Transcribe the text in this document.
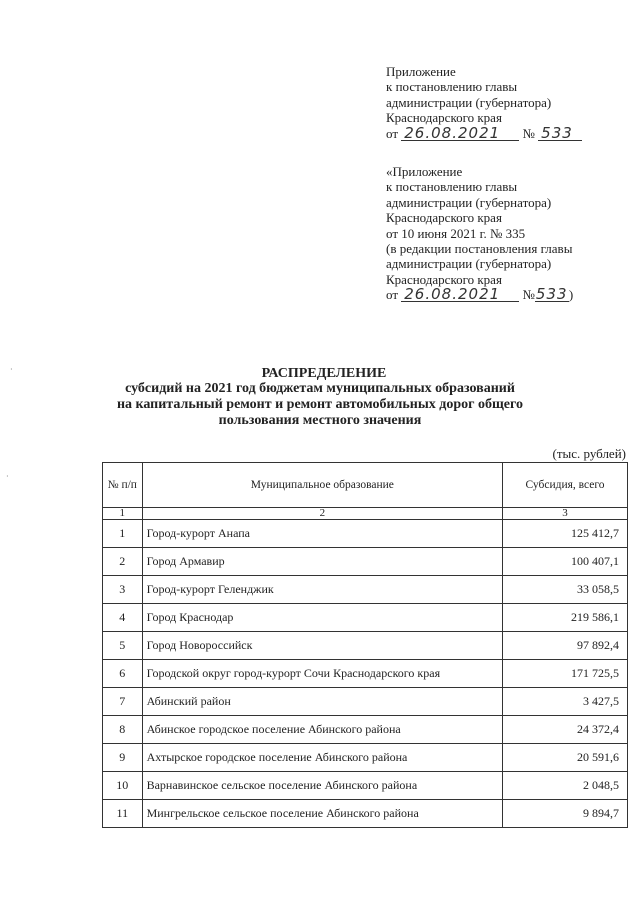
Приложение
к постановлению главы
администрации (губернатора)
Краснодарского края
от 26.08.2021 № 533
«Приложение
к постановлению главы
администрации (губернатора)
Краснодарского края
от 10 июня 2021 г. № 335
(в редакции постановления главы
администрации (губернатора)
Краснодарского края
от 26.08.2021 №533)
РАСПРЕДЕЛЕНИЕ
субсидий на 2021 год бюджетам муниципальных образований
на капитальный ремонт и ремонт автомобильных дорог общего
пользования местного значения
(тыс. рублей)
№ п/п	Муниципальное образование	Субсидия, всего
1	2	3
1	Город-курорт Анапа	125 412,7
2	Город Армавир	100 407,1
3	Город-курорт Геленджик	33 058,5
4	Город Краснодар	219 586,1
5	Город Новороссийск	97 892,4
6	Городской округ город-курорт Сочи Краснодарского края	171 725,5
7	Абинский район	3 427,5
8	Абинское городское поселение Абинского района	24 372,4
9	Ахтырское городское поселение Абинского района	20 591,6
10	Варнавинское сельское поселение Абинского района	2 048,5
11	Мингрельское сельское поселение Абинского района	9 894,7
·
·
